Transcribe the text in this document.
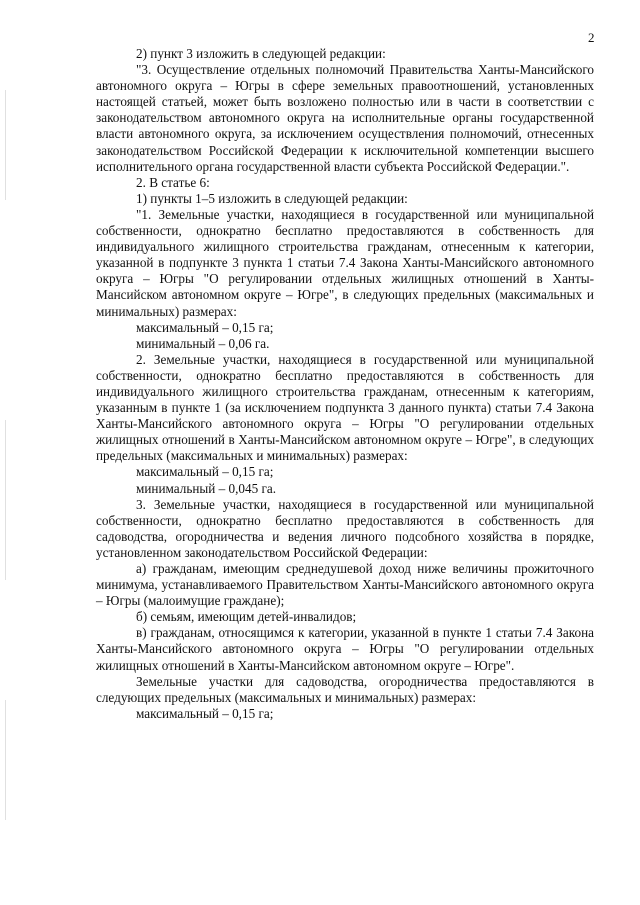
2

2) пункт 3 изложить в следующей редакции:

"3. Осуществление отдельных полномочий Правительства Ханты-Мансийского автономного округа – Югры в сфере земельных правоотношений, установленных настоящей статьей, может быть возложено полностью или в части в соответствии с законодательством автономного округа на исполнительные органы государственной власти автономного округа, за исключением осуществления полномочий, отнесенных законодательством Российской Федерации к исключительной компетенции высшего исполнительного органа государственной власти субъекта Российской Федерации.".

2. В статье 6:

1) пункты 1–5 изложить в следующей редакции:

"1. Земельные участки, находящиеся в государственной или муниципальной собственности, однократно бесплатно предоставляются в собственность для индивидуального жилищного строительства гражданам, отнесенным к категории, указанной в подпункте 3 пункта 1 статьи 7.4 Закона Ханты-Мансийского автономного округа – Югры "О регулировании отдельных жилищных отношений в Ханты-Мансийском автономном округе – Югре", в следующих предельных (максимальных и минимальных) размерах:

максимальный – 0,15 га;

минимальный – 0,06 га.

2. Земельные участки, находящиеся в государственной или муниципальной собственности, однократно бесплатно предоставляются в собственность для индивидуального жилищного строительства гражданам, отнесенным к категориям, указанным в пункте 1 (за исключением подпункта 3 данного пункта) статьи 7.4 Закона Ханты-Мансийского автономного округа – Югры "О регулировании отдельных жилищных отношений в Ханты-Мансийском автономном округе – Югре", в следующих предельных (максимальных и минимальных) размерах:

максимальный – 0,15 га;

минимальный – 0,045 га.

3. Земельные участки, находящиеся в государственной или муниципальной собственности, однократно бесплатно предоставляются в собственность для садоводства, огородничества и ведения личного подсобного хозяйства в порядке, установленном законодательством Российской Федерации:

а) гражданам, имеющим среднедушевой доход ниже величины прожиточного минимума, устанавливаемого Правительством Ханты-Мансийского автономного округа – Югры (малоимущие граждане);

б) семьям, имеющим детей-инвалидов;

в) гражданам, относящимся к категории, указанной в пункте 1 статьи 7.4 Закона Ханты-Мансийского автономного округа – Югры "О регулировании отдельных жилищных отношений в Ханты-Мансийском автономном округе – Югре".

Земельные участки для садоводства, огородничества предоставляются в следующих предельных (максимальных и минимальных) размерах:

максимальный – 0,15 га;
